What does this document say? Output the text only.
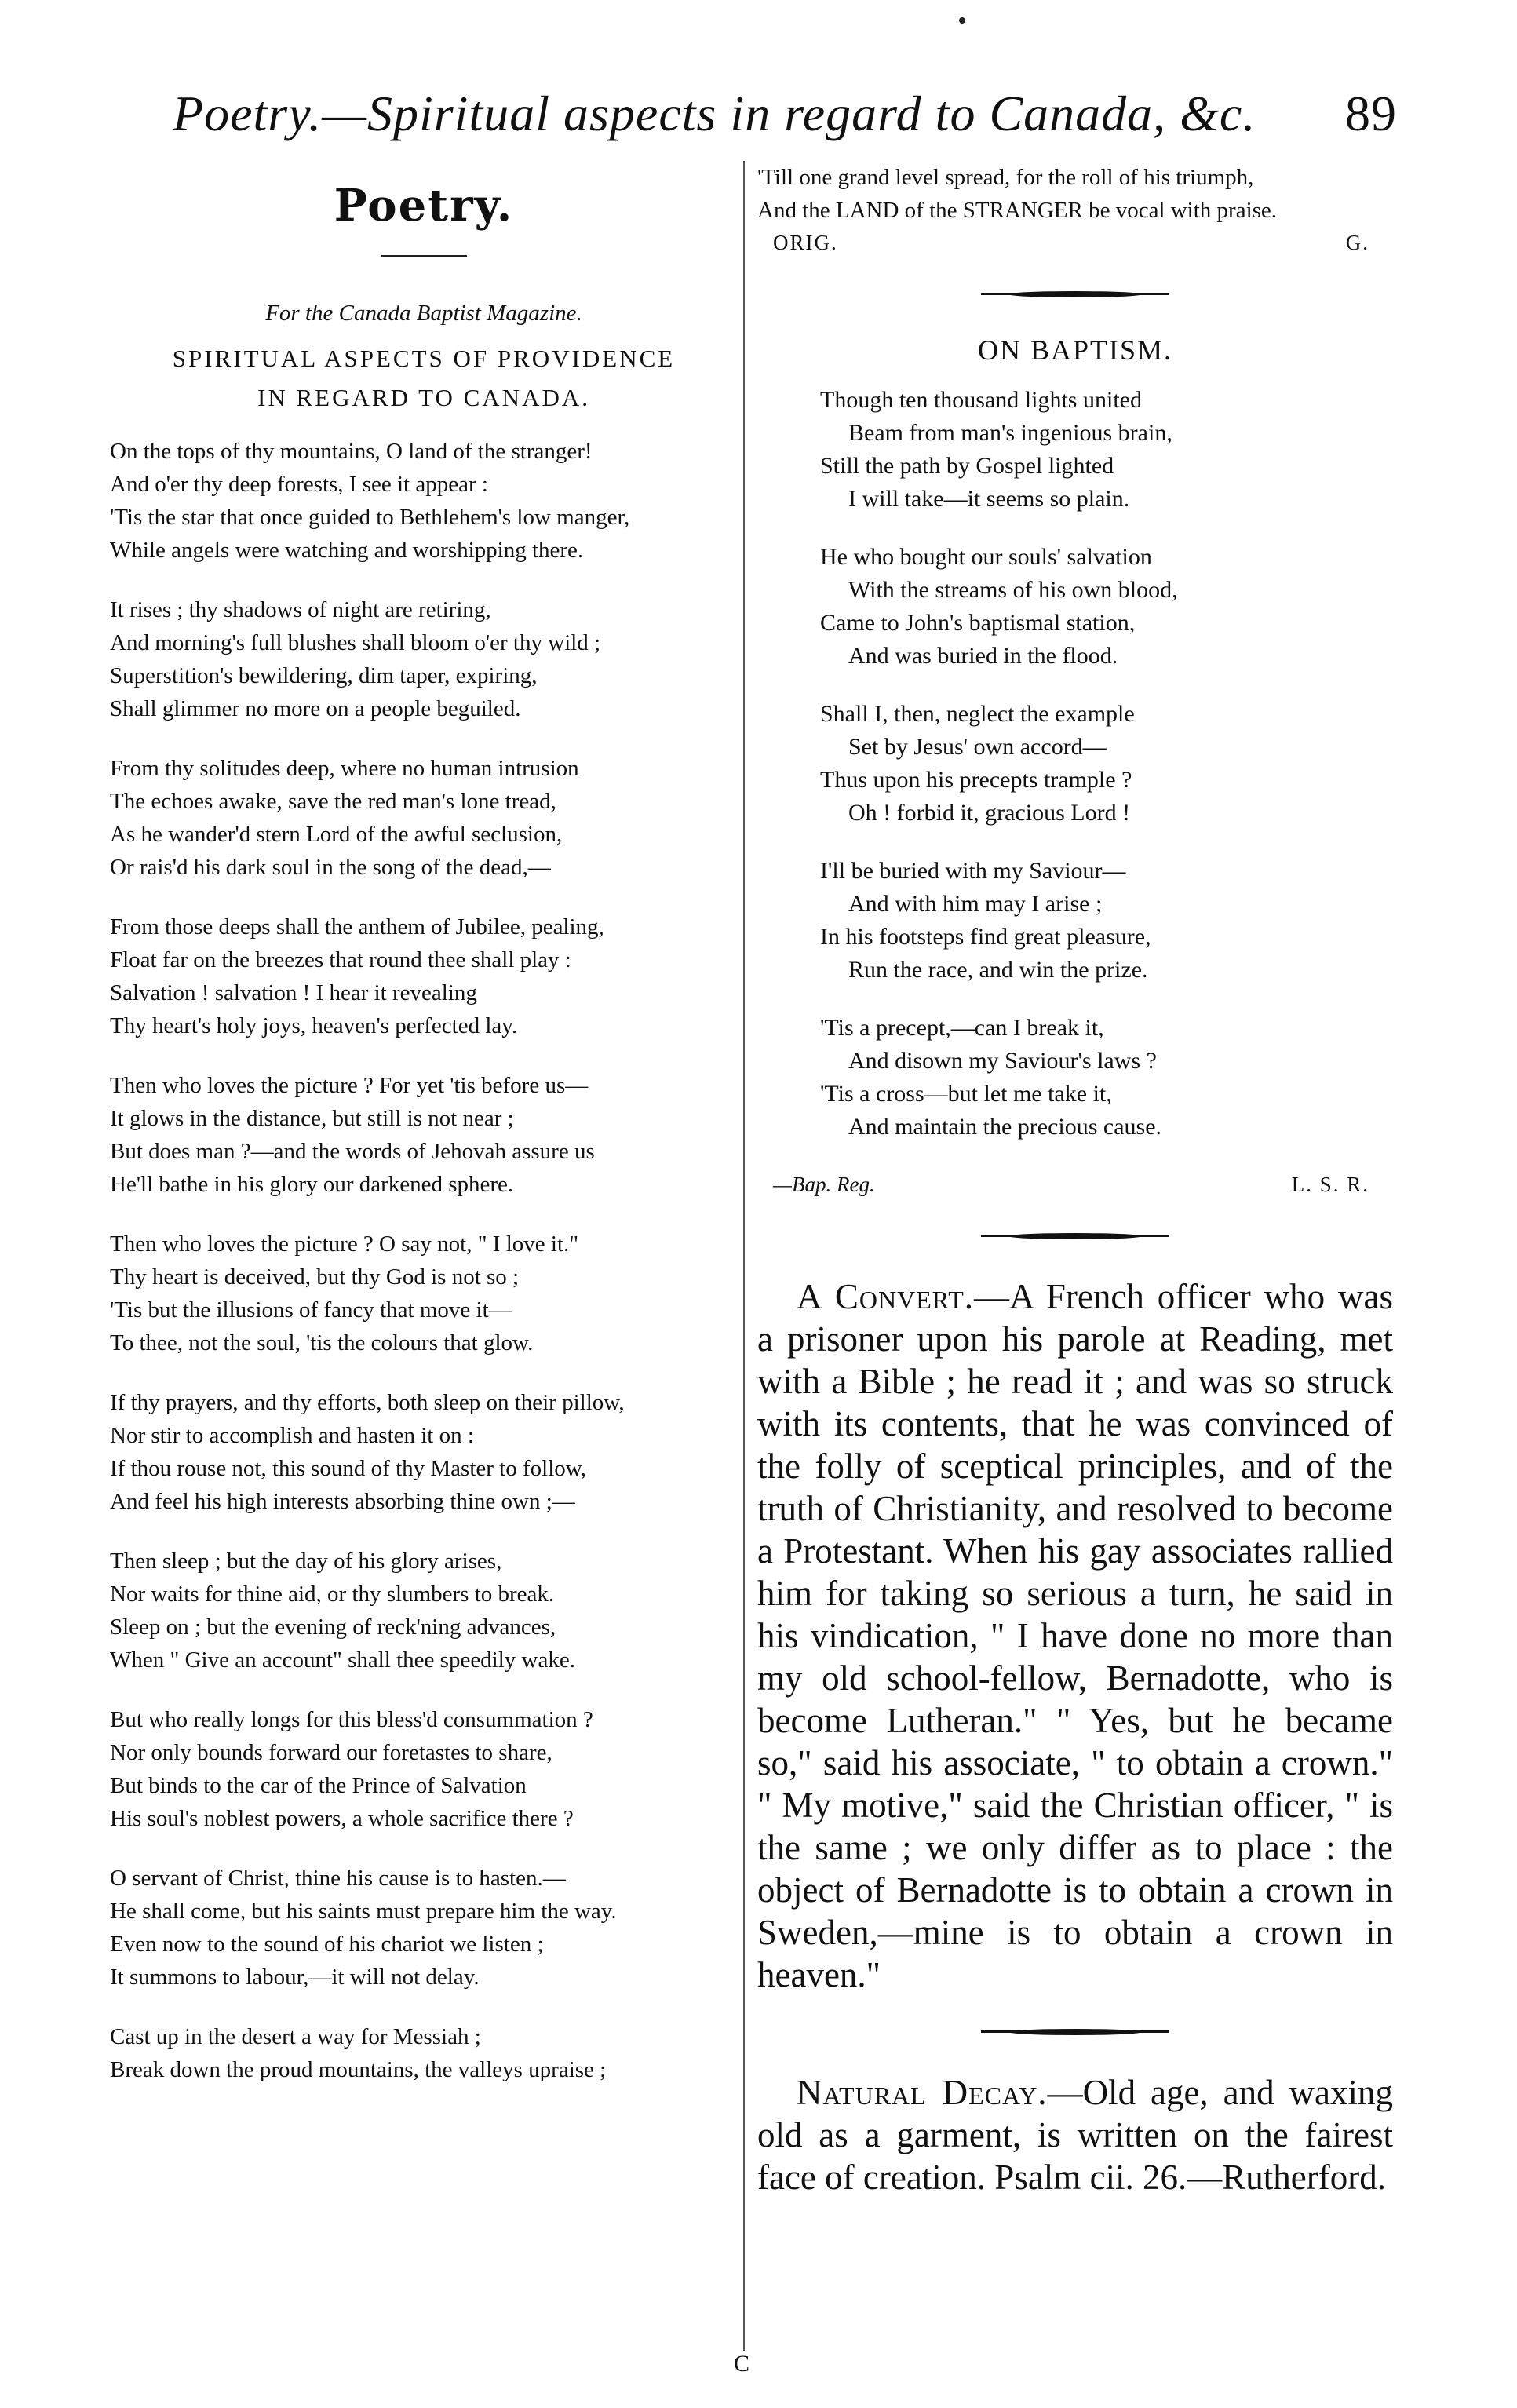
Poetry.—Spiritual aspects in regard to Canada, &c. 89
Poetry.
For the Canada Baptist Magazine.
SPIRITUAL ASPECTS OF PROVIDENCE
IN REGARD TO CANADA.
On the tops of thy mountains, O land of the stranger!
And o'er thy deep forests, I see it appear :
'Tis the star that once guided to Bethlehem's low manger,
While angels were watching and worshipping there.
It rises ; thy shadows of night are retiring,
And morning's full blushes shall bloom o'er thy wild ;
Superstition's bewildering, dim taper, expiring,
Shall glimmer no more on a people beguiled.
From thy solitudes deep, where no human intrusion
The echoes awake, save the red man's lone tread,
As he wander'd stern Lord of the awful seclusion,
Or rais'd his dark soul in the song of the dead,—
From those deeps shall the anthem of Jubilee, pealing,
Float far on the breezes that round thee shall play :
Salvation ! salvation ! I hear it revealing
Thy heart's holy joys, heaven's perfected lay.
Then who loves the picture ? For yet 'tis before us—
It glows in the distance, but still is not near ;
But does man ?—and the words of Jehovah assure us
He'll bathe in his glory our darkened sphere.
Then who loves the picture ? O say not, " I love it."
Thy heart is deceived, but thy God is not so ;
'Tis but the illusions of fancy that move it—
To thee, not the soul, 'tis the colours that glow.
If thy prayers, and thy efforts, both sleep on their pillow,
Nor stir to accomplish and hasten it on :
If thou rouse not, this sound of thy Master to follow,
And feel his high interests absorbing thine own ;—
Then sleep ; but the day of his glory arises,
Nor waits for thine aid, or thy slumbers to break.
Sleep on ; but the evening of reck'ning advances,
When " Give an account" shall thee speedily wake.
But who really longs for this bless'd consummation ?
Nor only bounds forward our foretastes to share,
But binds to the car of the Prince of Salvation
His soul's noblest powers, a whole sacrifice there ?
O servant of Christ, thine his cause is to hasten.—
He shall come, but his saints must prepare him the way.
Even now to the sound of his chariot we listen ;
It summons to labour,—it will not delay.
Cast up in the desert a way for Messiah ;
Break down the proud mountains, the valleys upraise ;
'Till one grand level spread, for the roll of his triumph,
And the LAND of the STRANGER be vocal with praise.
ORIG.	G.
ON BAPTISM.
Though ten thousand lights united
Beam from man's ingenious brain,
Still the path by Gospel lighted
I will take—it seems so plain.
He who bought our souls' salvation
With the streams of his own blood,
Came to John's baptismal station,
And was buried in the flood.
Shall I, then, neglect the example
Set by Jesus' own accord—
Thus upon his precepts trample ?
Oh ! forbid it, gracious Lord !
I'll be buried with my Saviour—
And with him may I arise ;
In his footsteps find great pleasure,
Run the race, and win the prize.
'Tis a precept,—can I break it,
And disown my Saviour's laws ?
'Tis a cross—but let me take it,
And maintain the precious cause.
—Bap. Reg.	L. S. R.

A Convert.—A French officer who was a prisoner upon his parole at Reading, met with a Bible ; he read it ; and was so struck with its contents, that he was convinced of the folly of sceptical principles, and of the truth of Christianity, and resolved to become a Protestant. When his gay associates rallied him for taking so serious a turn, he said in his vindication, " I have done no more than my old school-fellow, Bernadotte, who is become Lutheran." " Yes, but he became so," said his associate, " to obtain a crown." " My motive," said the Christian officer, " is the same ; we only differ as to place : the object of Bernadotte is to obtain a crown in Sweden,—mine is to obtain a crown in heaven."

Natural Decay.—Old age, and waxing old as a garment, is written on the fairest face of creation. Psalm cii. 26.—Rutherford.

C
